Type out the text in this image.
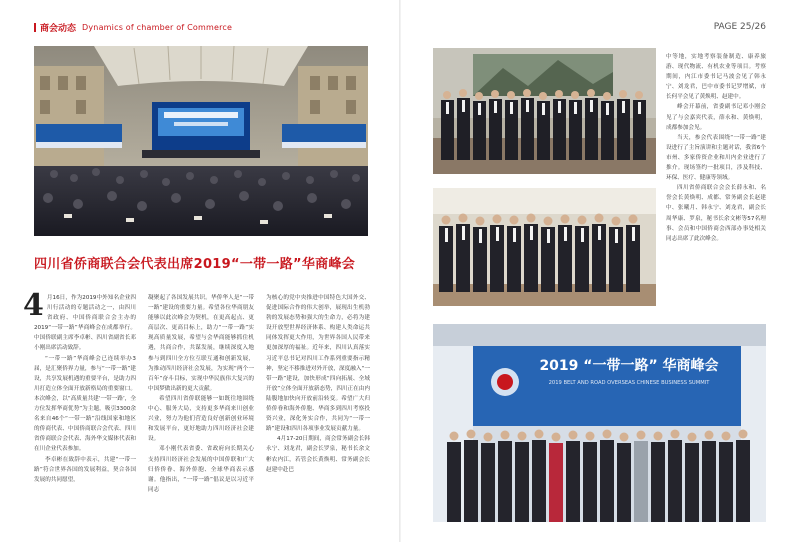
商会动态 Dynamics of chamber of Commerce	PAGE 25/26
2019 “一带一路” 华商峰会
2019 BELT AND ROAD OVERSEAS CHINESE BUSINESS SUMMIT
四川省侨商联合会代表出席2019“一带一路”华商峰会

4 月16日，作为2019中外知名企业四川行活动的专题活动之一，由四川省政府、中国侨商联合会主办的2019“一带一路”华商峰会在成都举行。中国侨联副主席李卓彬、四川省副省长邓小刚出席活动致辞。

“一带一路”华商峰会已连续举办3届，是汇聚侨界力量，参与“一带一路”建设，共享发展机遇的重要平台，是助力四川打造立体全面开放新格局的重要窗口。本次峰会，以“高质量共建‘一带一路’，全方位发挥华商优势”为主题，吸引3300余名来自46个“一带一路”沿线国家和地区的侨商代表、中国侨商联合会代表、四川省侨商联合会代表、海外华文媒体代表和在川企业代表参加。

李卓彬在致辞中表示，共建“一带一路”符合世界各国的发展利益，契合各国发展的共同愿望，

凝聚起了各国发展共识。华侨华人是“一带一路”建设的重要力量。希望各位华商朋友能够以此次峰会为契机，在更高起点、更高层次、更高目标上，助力“一带一路”实现高质量发展，希望与会华商能够抓住机遇，共商合作，共谋发展，继续深度入地参与到四川全方位互联互通和创新发展，为推动四川经济社会发展，为实现“两个一百年”奋斗目标，实现中华民族伟大复兴的中国梦做出新的更大贡献。

希望四川省侨联能够一如既往地围绕中心、服务大局，支持更多华商来川创业兴业，努力为他们营造良好创新创业环境和发展平台，更好地助力四川经济社会建设。

邓小刚代表省委、省政府向长期关心支持四川经济社会发展的中国侨联和广大归侨侨眷、海外侨胞、全球华商表示感谢。他指出，“一带一路”倡议是以习近平同志

为核心的党中央推进中国特色大国外交、促进国际合作的伟大创举，展现出生机勃勃的发展态势和强大的生命力，必将为建设开放型世界经济体系、构建人类命运共同体发挥更大作用，为世界各国人民带来更加深厚的福祉。近年来，四川认真落实习近平总书记对四川工作系列重要指示精神，坚定不移推进对外开放，深度融入“一带一路”建设，加快形成“四向拓展、全域开放”立体全面开放新态势，四川正在由内陆腹地加快向开放前沿转变。希望广大归侨侨眷和海外侨胞、华商多到四川考察投资兴业，深化务实合作，共同为“一带一路”建设和四川各项事业发展贡献力量。

4月17-20日期间，商会常务副会长韩永宁、刘龙君，副会长罗泉，秘书长余文彬农内江，若管会长黄焕明、常务副会长赵建中赴巴

中等地，实地考察装备制造、康养旅游、现代物流、有机农业等项目。考察期间，内江市委书记马波会见了韩永宁、刘龙君，巴中市委书记罗增斌，市长何平会见了黄焕明、赵建中。

峰会开幕前，省委副书记邓小刚会见了与会嘉宾代表，薛永和、黄焕明，成都参加会见。

当天，参会代表围绕“一带一路”建设进行了主旨演讲和主题对话，我省6个市州、多家侨资企业和川内企业进行了推介。现场签约一批项目，涉及科技、环保、医疗、健康等领域。

四川省侨商联合会会长薛永和、名誉会长黄焕明、成都、常务副会长赵建中、张曦月、韩永宁、刘龙君，副会长周华康、罗泉，秘书长余文彬等57名理事、会员和中国侨商会西部办事处相关同志出席了此次峰会。
